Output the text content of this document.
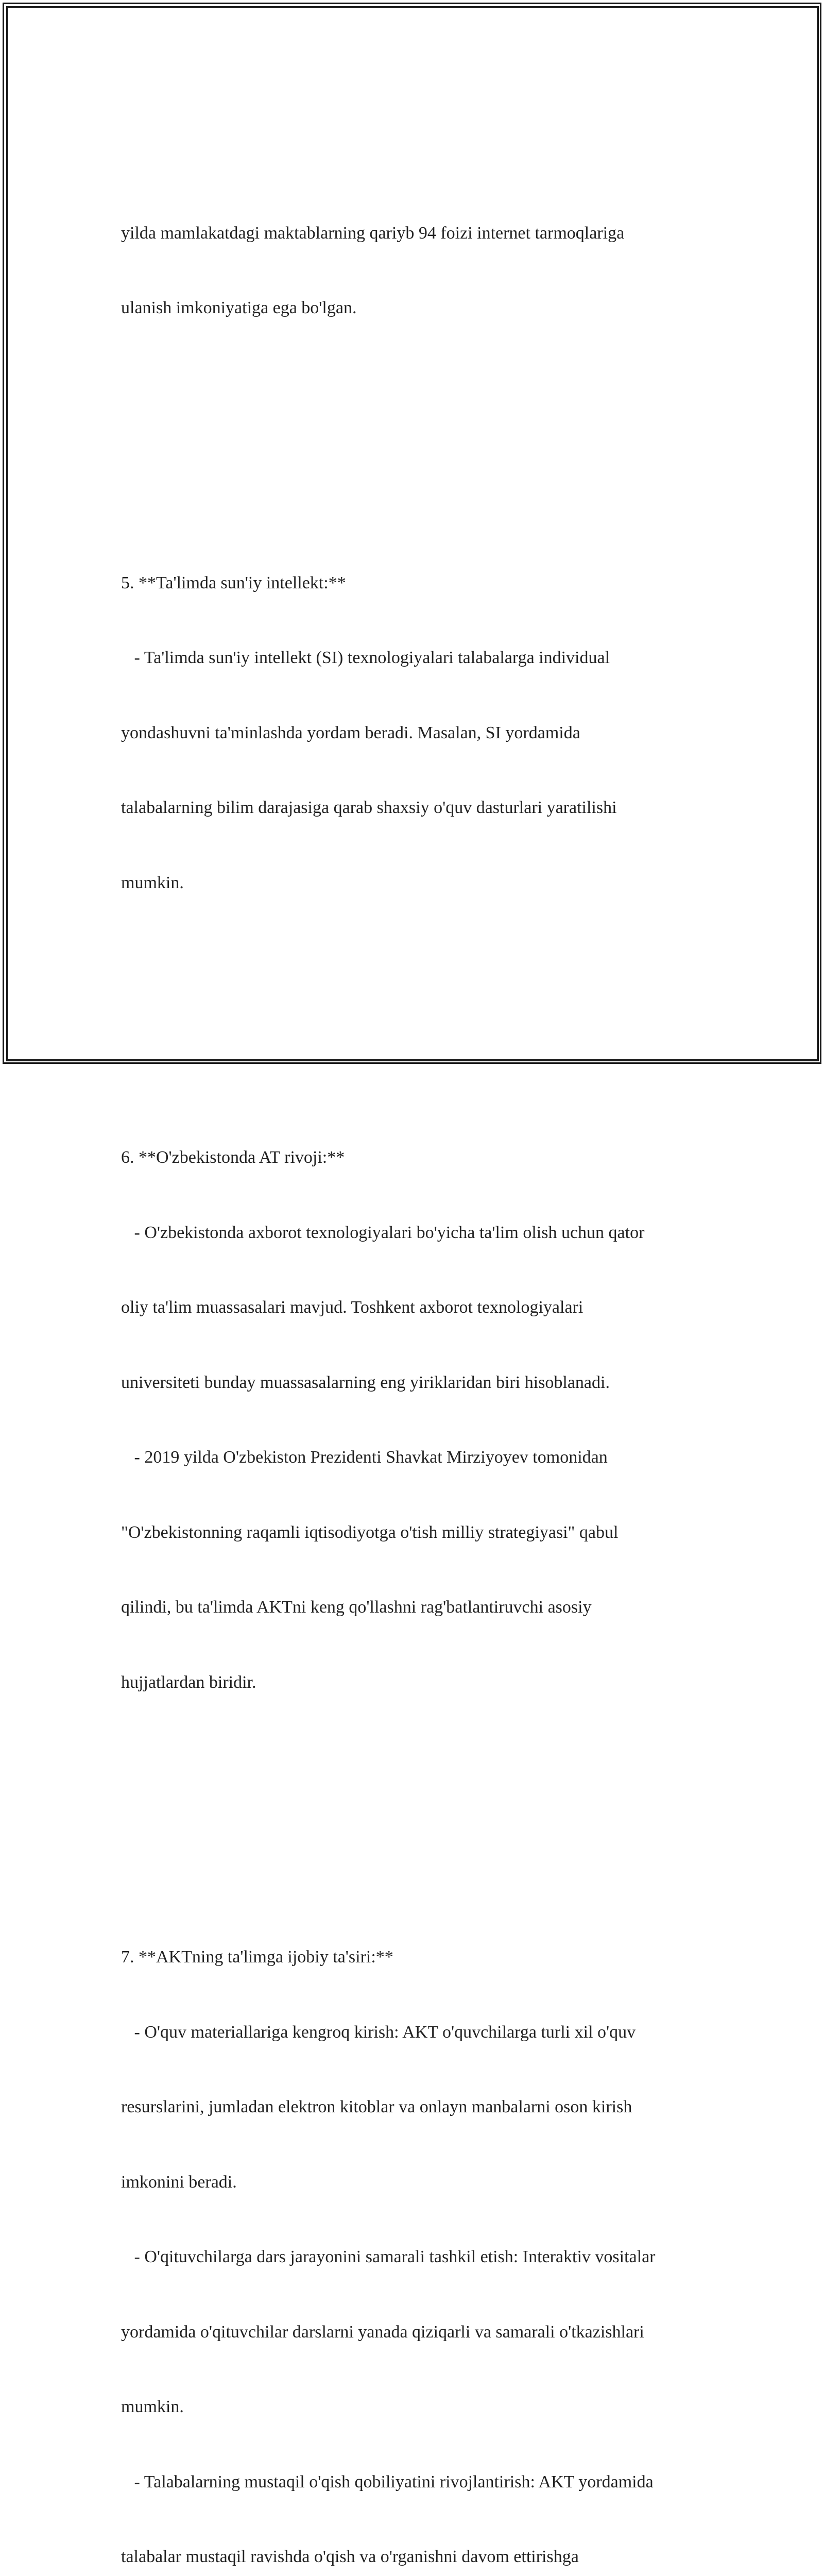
yilda mamlakatdagi maktablarning qariyb 94 foizi internet tarmoqlariga

ulanish imkoniyatiga ega bo'lgan.

5. **Ta'limda sun'iy intellekt:**

- Ta'limda sun'iy intellekt (SI) texnologiyalari talabalarga individual

yondashuvni ta'minlashda yordam beradi. Masalan, SI yordamida

talabalarning bilim darajasiga qarab shaxsiy o'quv dasturlari yaratilishi

mumkin.

6. **O'zbekistonda AT rivoji:**

- O'zbekistonda axborot texnologiyalari bo'yicha ta'lim olish uchun qator

oliy ta'lim muassasalari mavjud. Toshkent axborot texnologiyalari

universiteti bunday muassasalarning eng yiriklaridan biri hisoblanadi.

- 2019 yilda O'zbekiston Prezidenti Shavkat Mirziyoyev tomonidan

"O'zbekistonning raqamli iqtisodiyotga o'tish milliy strategiyasi" qabul

qilindi, bu ta'limda AKTni keng qo'llashni rag'batlantiruvchi asosiy

hujjatlardan biridir.

7. **AKTning ta'limga ijobiy ta'siri:**

- O'quv materiallariga kengroq kirish: AKT o'quvchilarga turli xil o'quv

resurslarini, jumladan elektron kitoblar va onlayn manbalarni oson kirish

imkonini beradi.

- O'qituvchilarga dars jarayonini samarali tashkil etish: Interaktiv vositalar

yordamida o'qituvchilar darslarni yanada qiziqarli va samarali o'tkazishlari

mumkin.

- Talabalarning mustaqil o'qish qobiliyatini rivojlantirish: AKT yordamida

talabalar mustaqil ravishda o'qish va o'rganishni davom ettirishga
